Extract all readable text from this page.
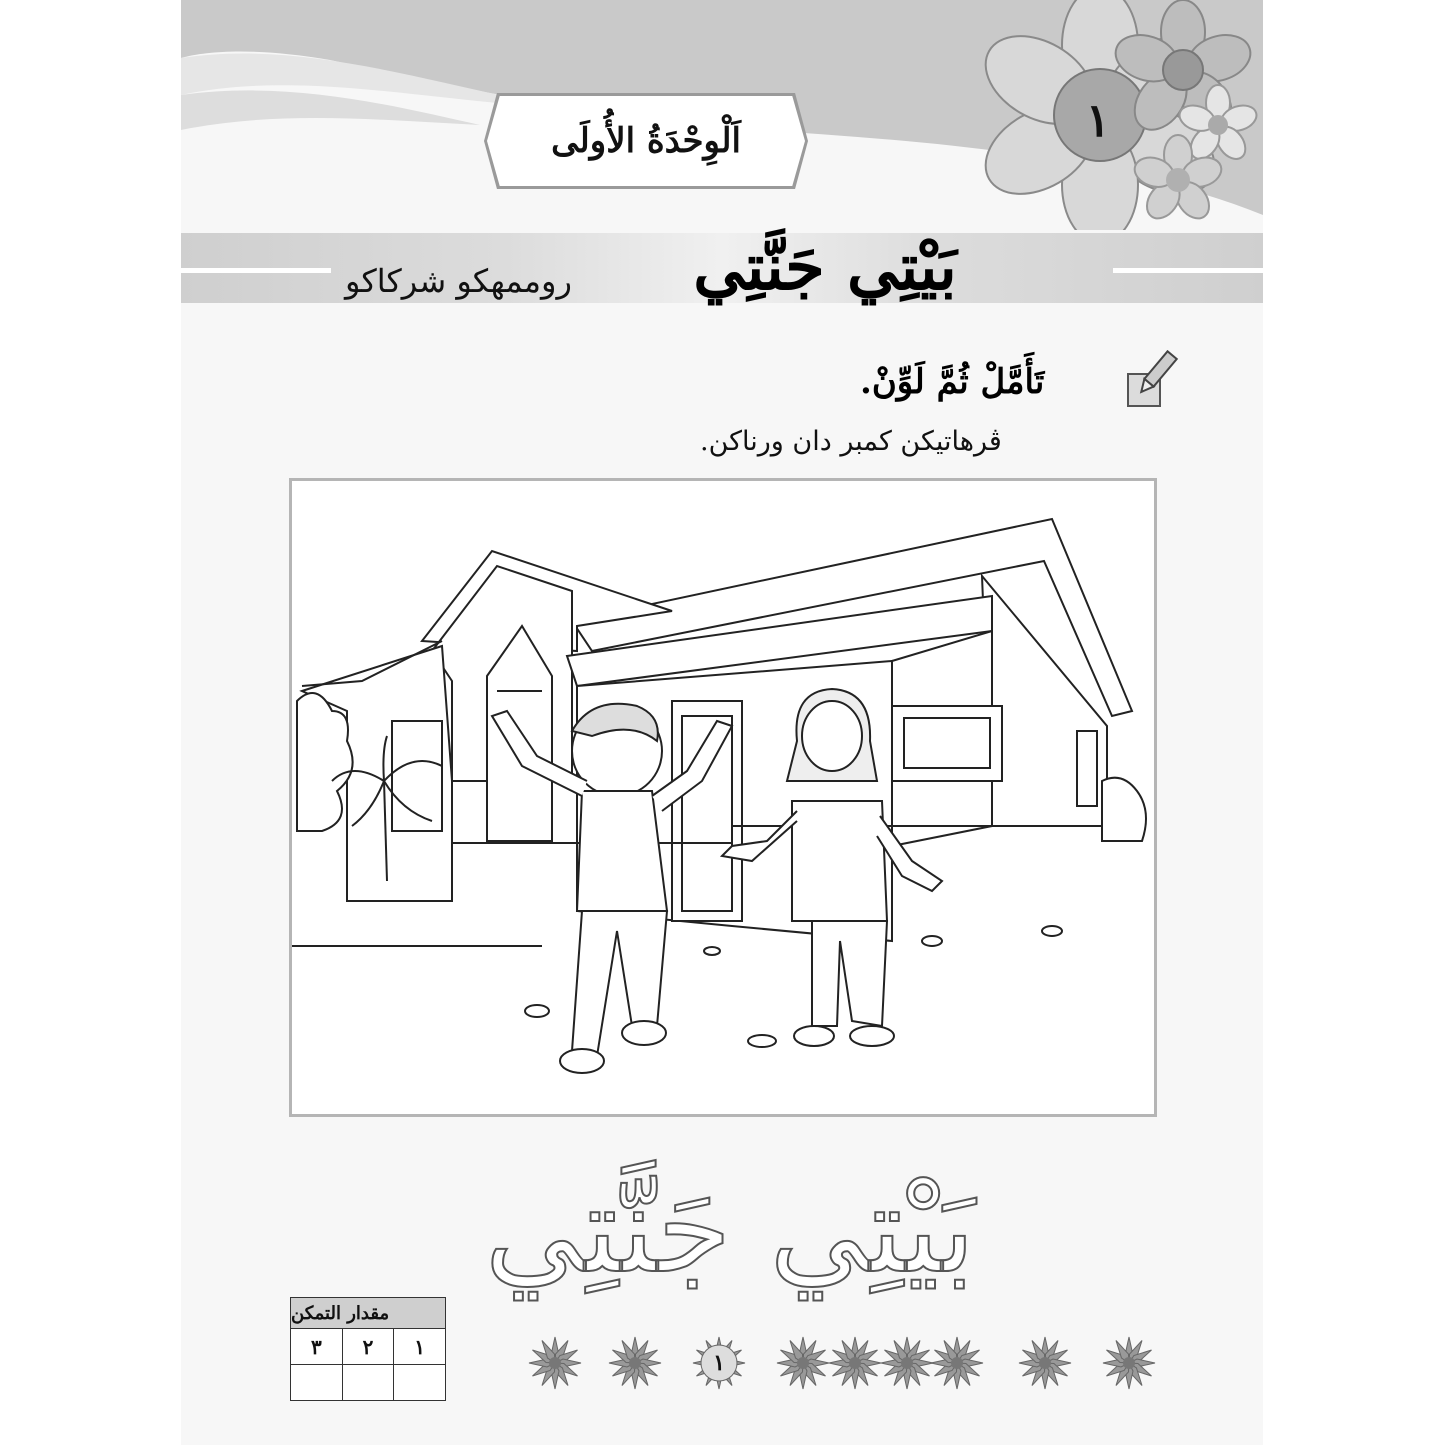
اَلْوِحْدَةُ الأُولَى	١
بَيْتِي جَنَّتِي
روممهكو شركاكو
تَأَمَّلْ ثُمَّ لَوِّنْ.
ڤرهاتيكن كمبر دان ورناكن.
بَيْتِي جَنَّتِي
مقدار التمكن
١
٢
٣
١
